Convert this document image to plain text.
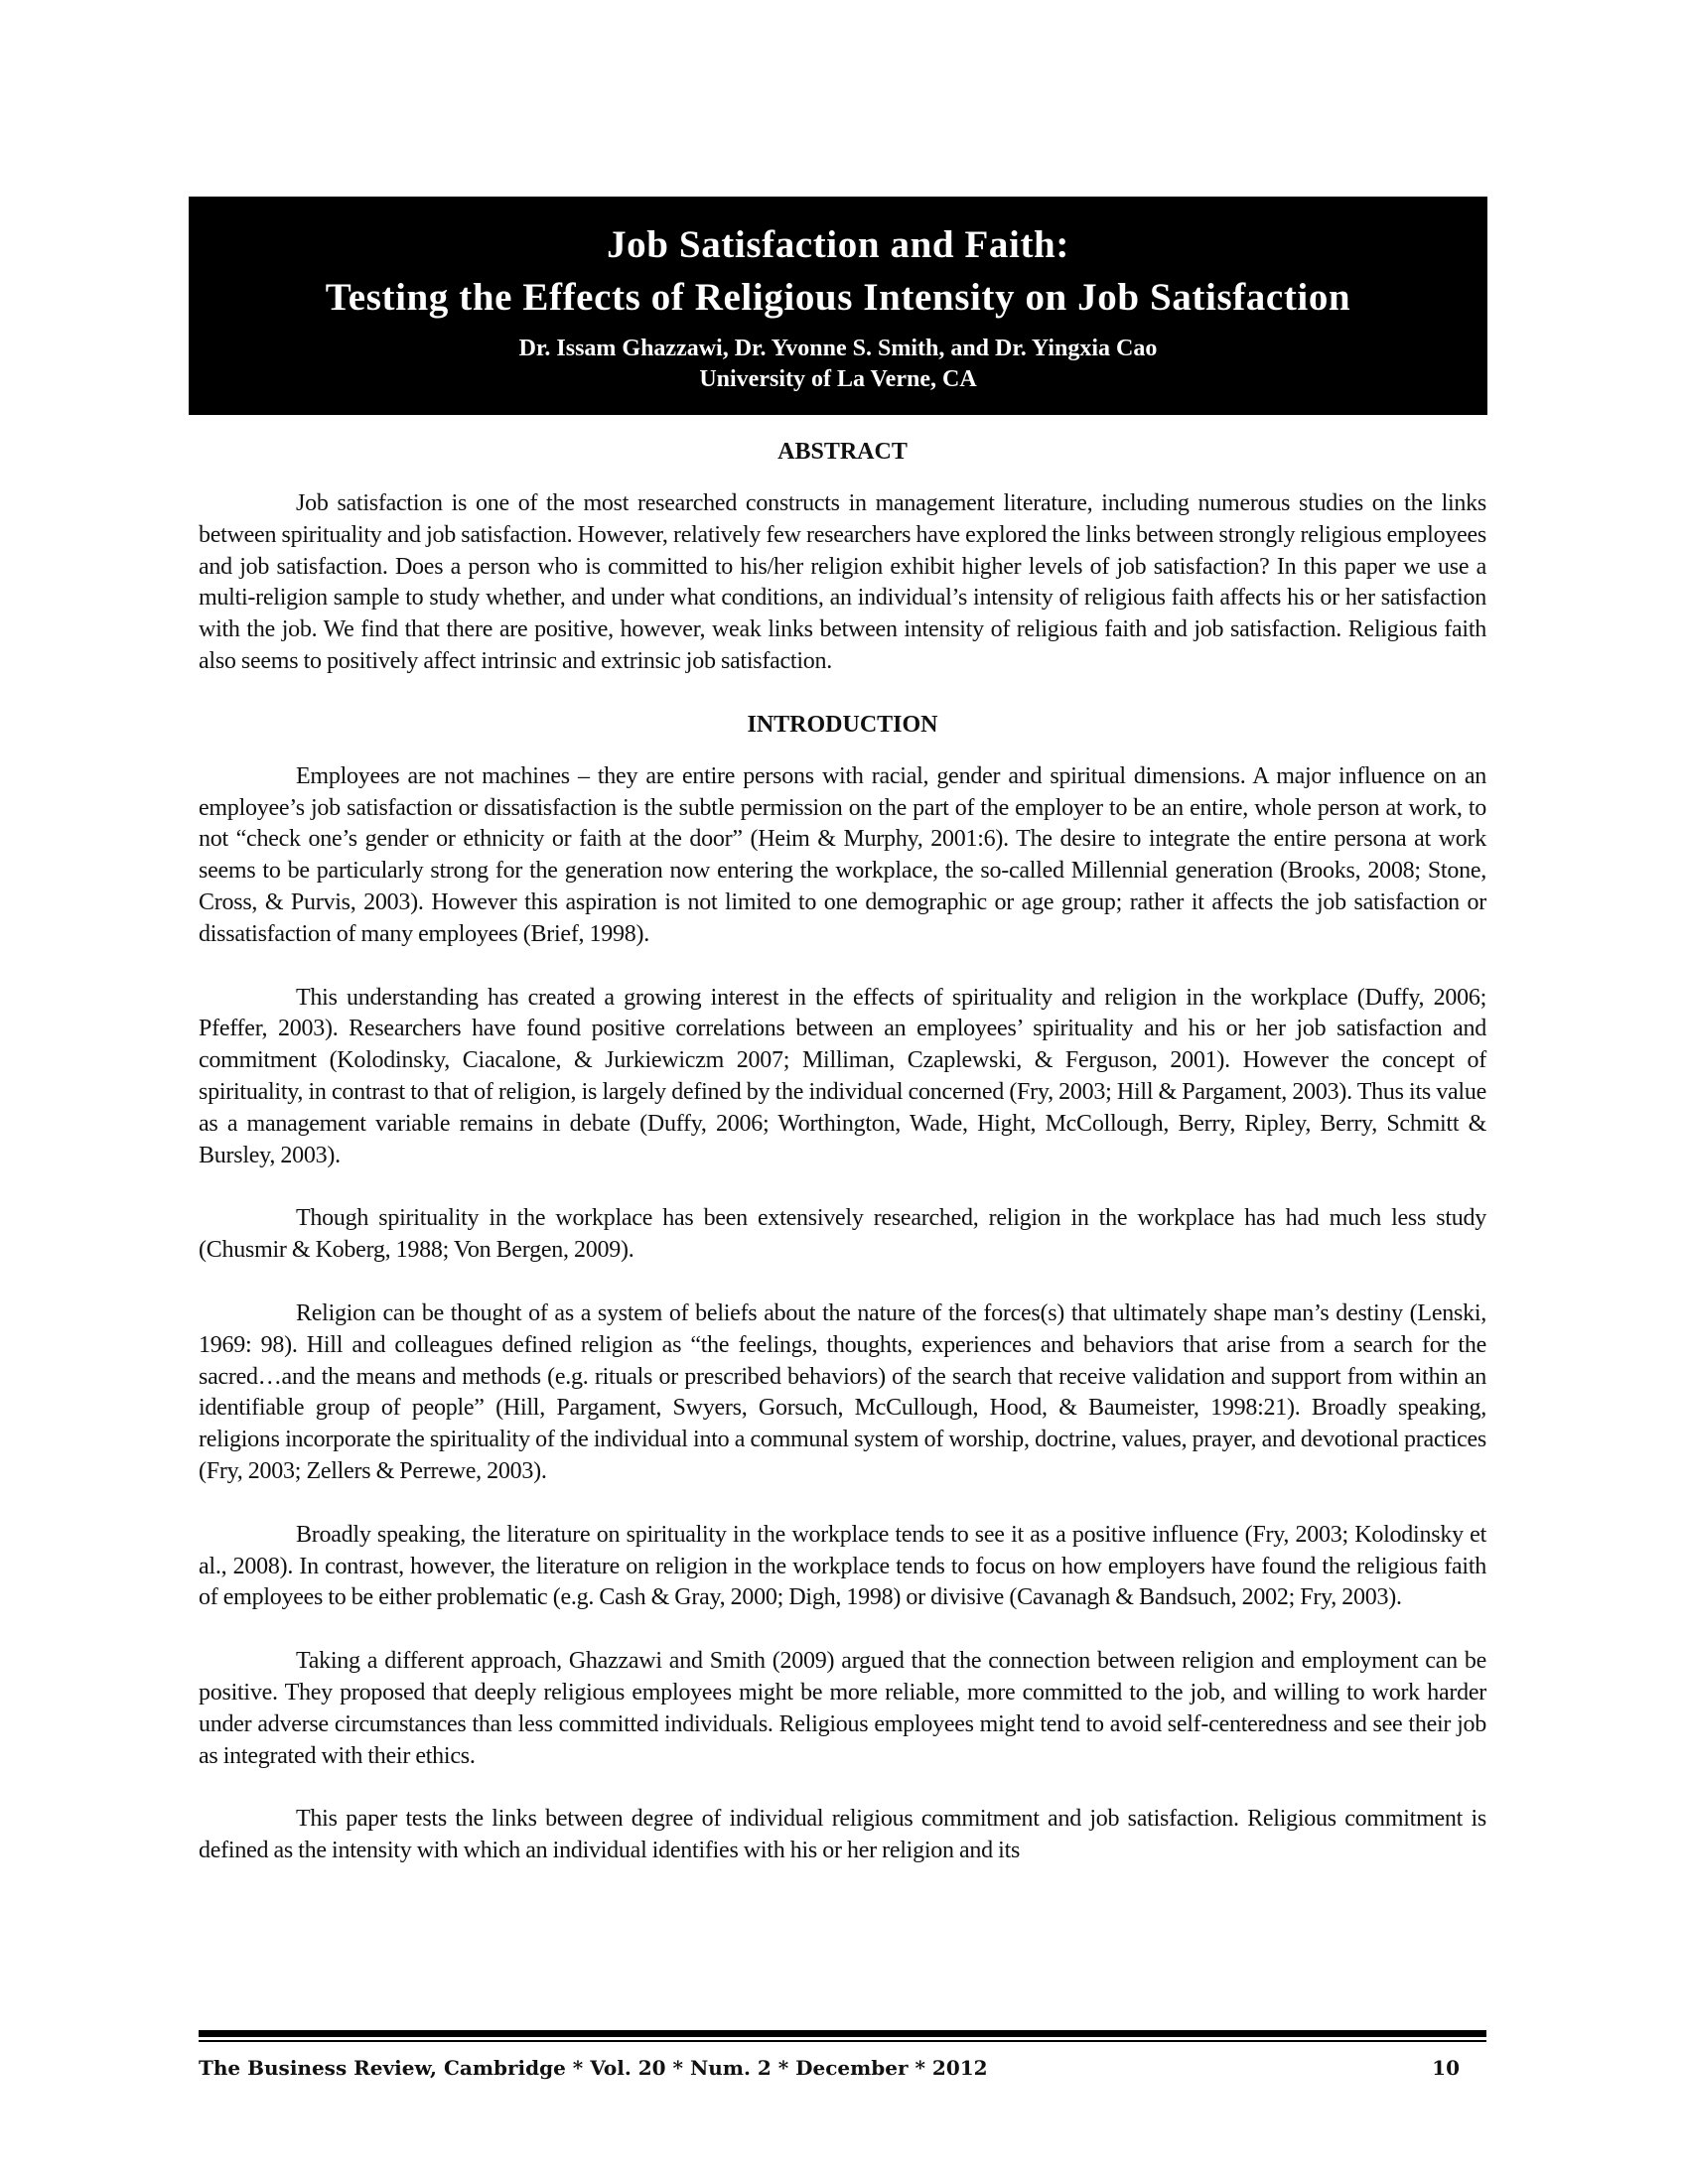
Job Satisfaction and Faith:

Testing the Effects of Religious Intensity on Job Satisfaction

Dr. Issam Ghazzawi, Dr. Yvonne S. Smith, and Dr. Yingxia Cao

University of La Verne, CA

ABSTRACT

Job satisfaction is one of the most researched constructs in management literature, including numerous studies on the links between spirituality and job satisfaction. However, relatively few researchers have explored the links between strongly religious employees and job satisfaction. Does a person who is committed to his/her religion exhibit higher levels of job satisfaction? In this paper we use a multi-religion sample to study whether, and under what conditions, an individual’s intensity of religious faith affects his or her satisfaction with the job. We find that there are positive, however, weak links between intensity of religious faith and job satisfaction. Religious faith also seems to positively affect intrinsic and extrinsic job satisfaction.

INTRODUCTION

Employees are not machines – they are entire persons with racial, gender and spiritual dimensions. A major influence on an employee’s job satisfaction or dissatisfaction is the subtle permission on the part of the employer to be an entire, whole person at work, to not “check one’s gender or ethnicity or faith at the door” (Heim & Murphy, 2001:6). The desire to integrate the entire persona at work seems to be particularly strong for the generation now entering the workplace, the so-called Millennial generation (Brooks, 2008; Stone, Cross, & Purvis, 2003). However this aspiration is not limited to one demographic or age group; rather it affects the job satisfaction or dissatisfaction of many employees (Brief, 1998).

This understanding has created a growing interest in the effects of spirituality and religion in the workplace (Duffy, 2006; Pfeffer, 2003). Researchers have found positive correlations between an employees’ spirituality and his or her job satisfaction and commitment (Kolodinsky, Ciacalone, & Jurkiewiczm 2007; Milliman, Czaplewski, & Ferguson, 2001). However the concept of spirituality, in contrast to that of religion, is largely defined by the individual concerned (Fry, 2003; Hill & Pargament, 2003). Thus its value as a management variable remains in debate (Duffy, 2006; Worthington, Wade, Hight, McCollough, Berry, Ripley, Berry, Schmitt & Bursley, 2003).

Though spirituality in the workplace has been extensively researched, religion in the workplace has had much less study (Chusmir & Koberg, 1988; Von Bergen, 2009).

Religion can be thought of as a system of beliefs about the nature of the forces(s) that ultimately shape man’s destiny (Lenski, 1969: 98). Hill and colleagues defined religion as “the feelings, thoughts, experiences and behaviors that arise from a search for the sacred…and the means and methods (e.g. rituals or prescribed behaviors) of the search that receive validation and support from within an identifiable group of people” (Hill, Pargament, Swyers, Gorsuch, McCullough, Hood, & Baumeister, 1998:21). Broadly speaking, religions incorporate the spirituality of the individual into a communal system of worship, doctrine, values, prayer, and devotional practices (Fry, 2003; Zellers & Perrewe, 2003).

Broadly speaking, the literature on spirituality in the workplace tends to see it as a positive influence (Fry, 2003; Kolodinsky et al., 2008). In contrast, however, the literature on religion in the workplace tends to focus on how employers have found the religious faith of employees to be either problematic (e.g. Cash & Gray, 2000; Digh, 1998) or divisive (Cavanagh & Bandsuch, 2002; Fry, 2003).

Taking a different approach, Ghazzawi and Smith (2009) argued that the connection between religion and employment can be positive. They proposed that deeply religious employees might be more reliable, more committed to the job, and willing to work harder under adverse circumstances than less committed individuals. Religious employees might tend to avoid self-centeredness and see their job as integrated with their ethics.

This paper tests the links between degree of individual religious commitment and job satisfaction. Religious commitment is defined as the intensity with which an individual identifies with his or her religion and its

The Business Review, Cambridge * Vol. 20 * Num. 2 * December * 2012	10
